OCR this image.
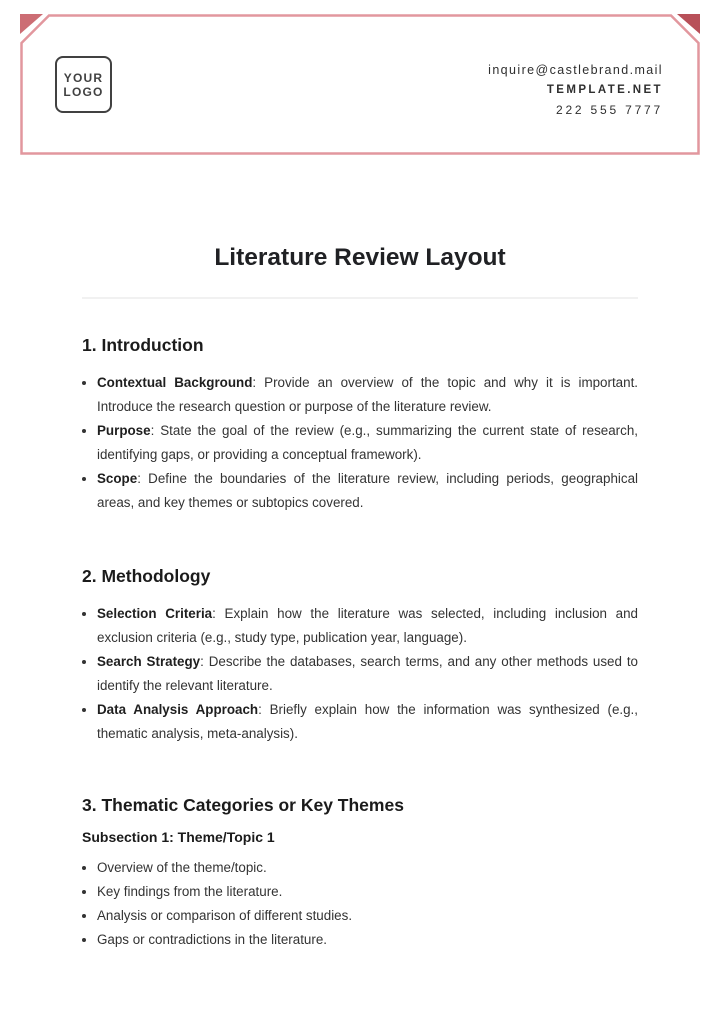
YOUR
LOGO
inquire@castlebrand.mail
TEMPLATE.NET
222 555 7777
Literature Review Layout
1. Introduction
• Contextual Background: Provide an overview of the topic and why it is important. Introduce the research question or purpose of the literature review.
• Purpose: State the goal of the review (e.g., summarizing the current state of research, identifying gaps, or providing a conceptual framework).
• Scope: Define the boundaries of the literature review, including periods, geographical areas, and key themes or subtopics covered.
2. Methodology
• Selection Criteria: Explain how the literature was selected, including inclusion and exclusion criteria (e.g., study type, publication year, language).
• Search Strategy: Describe the databases, search terms, and any other methods used to identify the relevant literature.
• Data Analysis Approach: Briefly explain how the information was synthesized (e.g., thematic analysis, meta-analysis).
3. Thematic Categories or Key Themes
Subsection 1: Theme/Topic 1
• Overview of the theme/topic.
• Key findings from the literature.
• Analysis or comparison of different studies.
• Gaps or contradictions in the literature.
